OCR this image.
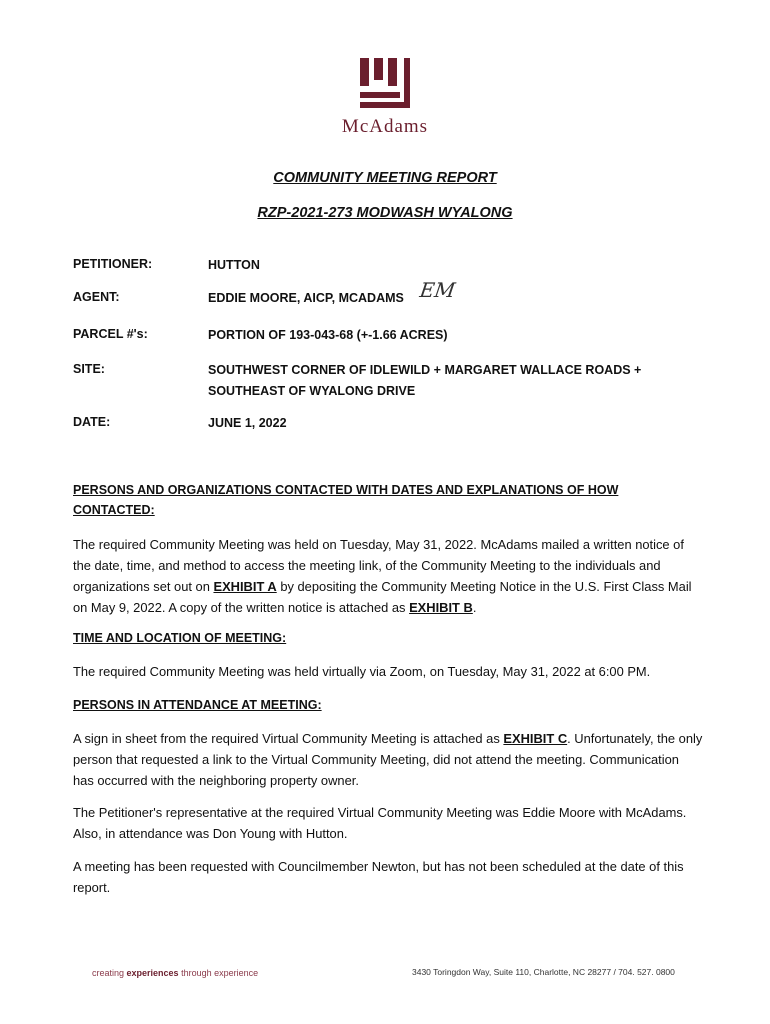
McAdams
COMMUNITY MEETING REPORT
RZP-2021-273 MODWASH WYALONG
PETITIONER:	HUTTON
AGENT:	EDDIE MOORE, AICP, MCADAMS EM
PARCEL #'s:	PORTION OF 193-043-68 (+-1.66 ACRES)
SITE:	SOUTHWEST CORNER OF IDLEWILD + MARGARET WALLACE ROADS +
SOUTHEAST OF WYALONG DRIVE
DATE:	JUNE 1, 2022
PERSONS AND ORGANIZATIONS CONTACTED WITH DATES AND EXPLANATIONS OF HOW
CONTACTED:
The required Community Meeting was held on Tuesday, May 31, 2022. McAdams mailed a written notice of the date, time, and method to access the meeting link, of the Community Meeting to the individuals and organizations set out on EXHIBIT A by depositing the Community Meeting Notice in the U.S. First Class Mail on May 9, 2022. A copy of the written notice is attached as EXHIBIT B.
TIME AND LOCATION OF MEETING:
The required Community Meeting was held virtually via Zoom, on Tuesday, May 31, 2022 at 6:00 PM.
PERSONS IN ATTENDANCE AT MEETING:
A sign in sheet from the required Virtual Community Meeting is attached as EXHIBIT C. Unfortunately, the only person that requested a link to the Virtual Community Meeting, did not attend the meeting. Communication has occurred with the neighboring property owner.
The Petitioner's representative at the required Virtual Community Meeting was Eddie Moore with McAdams. Also, in attendance was Don Young with Hutton.
A meeting has been requested with Councilmember Newton, but has not been scheduled at the date of this report.
creating experiences through experience	3430 Toringdon Way, Suite 110, Charlotte, NC 28277 / 704. 527. 0800
